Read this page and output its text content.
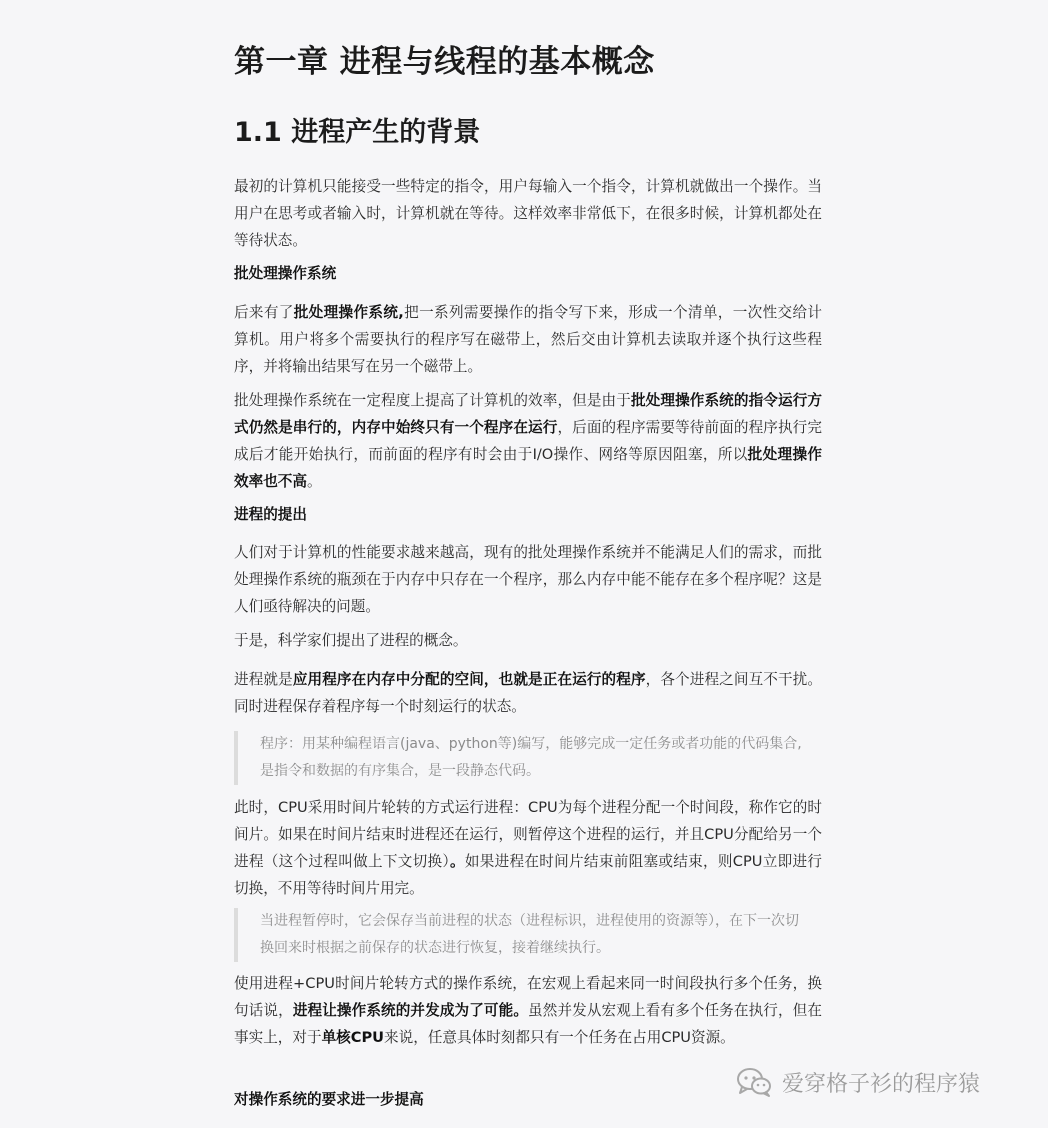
第一章 进程与线程的基本概念
1.1 进程产生的背景

最初的计算机只能接受一些特定的指令，用户每输入一个指令，计算机就做出一个操作。当用户在思考或者输入时，计算机就在等待。这样效率非常低下，在很多时候，计算机都处在等待状态。

批处理操作系统

后来有了批处理操作系统,把一系列需要操作的指令写下来，形成一个清单，一次性交给计算机。用户将多个需要执行的程序写在磁带上，然后交由计算机去读取并逐个执行这些程序，并将输出结果写在另一个磁带上。

批处理操作系统在一定程度上提高了计算机的效率，但是由于批处理操作系统的指令运行方式仍然是串行的，内存中始终只有一个程序在运行，后面的程序需要等待前面的程序执行完成后才能开始执行，而前面的程序有时会由于I/O操作、网络等原因阻塞，所以批处理操作效率也不高。

进程的提出

人们对于计算机的性能要求越来越高，现有的批处理操作系统并不能满足人们的需求，而批处理操作系统的瓶颈在于内存中只存在一个程序，那么内存中能不能存在多个程序呢？这是人们亟待解决的问题。

于是，科学家们提出了进程的概念。

进程就是应用程序在内存中分配的空间，也就是正在运行的程序，各个进程之间互不干扰。同时进程保存着程序每一个时刻运行的状态。

程序：用某种编程语言(java、python等)编写，能够完成一定任务或者功能的代码集合,是指令和数据的有序集合，是一段静态代码。

此时，CPU采用时间片轮转的方式运行进程：CPU为每个进程分配一个时间段，称作它的时间片。如果在时间片结束时进程还在运行，则暂停这个进程的运行，并且CPU分配给另一个进程（这个过程叫做上下文切换）。如果进程在时间片结束前阻塞或结束，则CPU立即进行切换，不用等待时间片用完。

当进程暂停时，它会保存当前进程的状态（进程标识，进程使用的资源等），在下一次切换回来时根据之前保存的状态进行恢复，接着继续执行。

使用进程+CPU时间片轮转方式的操作系统，在宏观上看起来同一时间段执行多个任务，换句话说，进程让操作系统的并发成为了可能。虽然并发从宏观上看有多个任务在执行，但在事实上，对于单核CPU来说，任意具体时刻都只有一个任务在占用CPU资源。

对操作系统的要求进一步提高
爱穿格子衫的程序猿
